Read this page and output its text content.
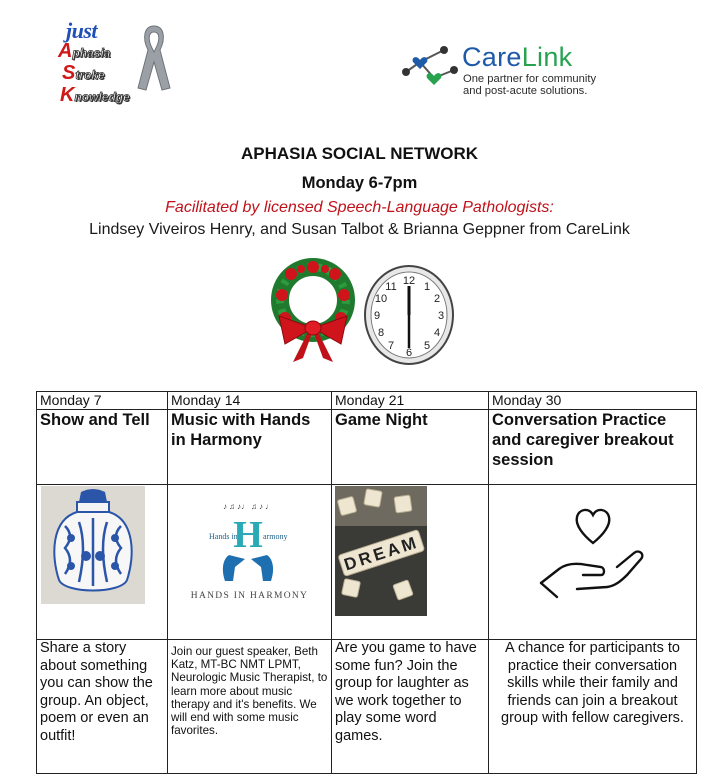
just
Aphasia
Stroke
Knowledge
CareLink
One partner for community
and post-acute solutions.
APHASIA SOCIAL NETWORK
Monday 6-7pm
Facilitated by licensed Speech-Language Pathologists:
Lindsey Viveiros Henry, and Susan Talbot & Brianna Geppner from CareLink
12 1
2
3
4
5
6
7
8
9
10
11
Monday 7	Monday 14	Monday 21	Monday 30
Show and Tell	Music with Hands in Harmony	Game Night	Conversation Practice and caregiver breakout session

♪ ♫ ♪♩ ♫ ♪ ♩
Hands in
H armony
HANDS IN HARMONY	DREAM

Share a story about something you can show the group. An object, poem or even an outfit!	Join our guest speaker, Beth Katz, MT-BC NMT LPMT, Neurologic Music Therapist, to learn more about music therapy and it's benefits. We will end with some music favorites.	Are you game to have some fun? Join the group for laughter as we work together to play some word games.	A chance for participants to practice their conversation skills while their family and friends can join a breakout group with fellow caregivers.
